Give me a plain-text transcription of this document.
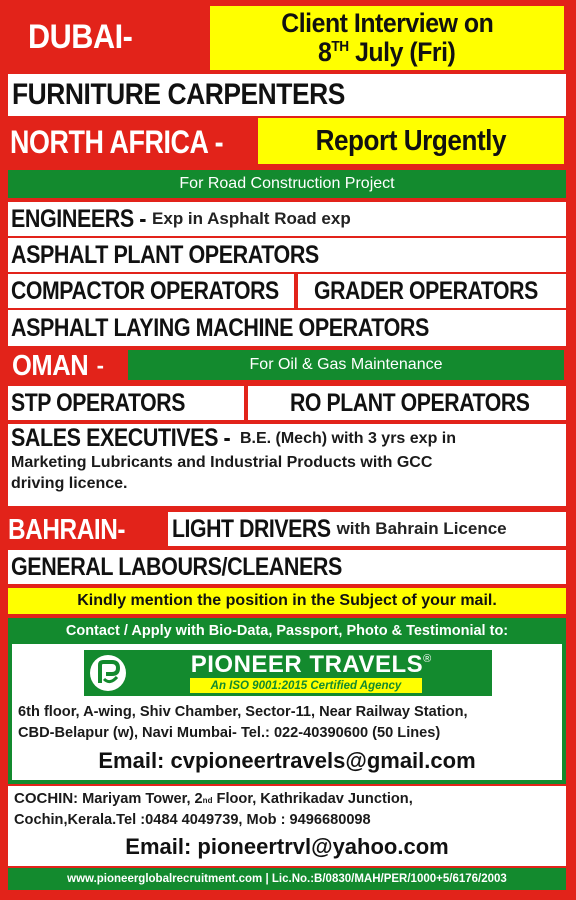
DUBAI-	Client Interview on 8TH July (Fri)
FURNITURE CARPENTERS
NORTH AFRICA -	Report Urgently
For Road Construction Project
ENGINEERS - Exp in Asphalt Road exp
ASPHALT PLANT OPERATORS
COMPACTOR OPERATORS GRADER OPERATORS
ASPHALT LAYING MACHINE OPERATORS
OMAN -	For Oil & Gas Maintenance
STP OPERATORS	RO PLANT OPERATORS
SALES EXECUTIVES - B.E. (Mech) with 3 yrs exp in
Marketing Lubricants and Industrial Products with GCC
driving licence.
BAHRAIN- LIGHT DRIVERS with Bahrain Licence
GENERAL LABOURS/CLEANERS
Kindly mention the position in the Subject of your mail.
Contact / Apply with Bio-Data, Passport, Photo & Testimonial to:
PIONEER TRAVELS®
An ISO 9001:2015 Certified Agency
6th floor, A-wing, Shiv Chamber, Sector-11, Near Railway Station,
CBD-Belapur (w), Navi Mumbai- Tel.: 022-40390600 (50 Lines)
Email: cvpioneertravels@gmail.com
COCHIN: Mariyam Tower, 2nd Floor, Kathrikadav Junction,
Cochin,Kerala.Tel :0484 4049739, Mob : 9496680098
Email: pioneertrvl@yahoo.com
www.pioneerglobalrecruitment.com | Lic.No.:B/0830/MAH/PER/1000+5/6176/2003
